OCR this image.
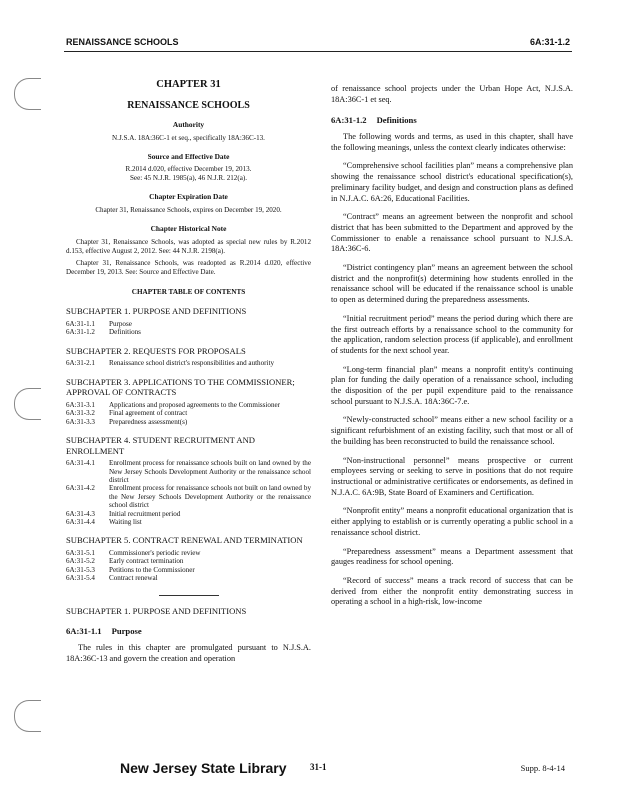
RENAISSANCE SCHOOLS	6A:31-1.2
CHAPTER 31
RENAISSANCE SCHOOLS
Authority

N.J.S.A. 18A:36C-1 et seq., specifically 18A:36C-13.

Source and Effective Date

R.2014 d.020, effective December 19, 2013.

See: 45 N.J.R. 1985(a), 46 N.J.R. 212(a).

Chapter Expiration Date

Chapter 31, Renaissance Schools, expires on December 19, 2020.

Chapter Historical Note

Chapter 31, Renaissance Schools, was adopted as special new rules by R.2012 d.153, effective August 2, 2012. See: 44 N.J.R. 2198(a).

Chapter 31, Renaissance Schools, was readopted as R.2014 d.020, effective December 19, 2013. See: Source and Effective Date.

CHAPTER TABLE OF CONTENTS
SUBCHAPTER 1. PURPOSE AND DEFINITIONS
6A:31-1.1	Purpose
6A:31-1.2	Definitions
SUBCHAPTER 2. REQUESTS FOR PROPOSALS
6A:31-2.1	Renaissance school district's responsibilities and authority
SUBCHAPTER 3. APPLICATIONS TO THE COMMISSIONER; APPROVAL OF CONTRACTS
6A:31-3.1	Applications and proposed agreements to the Commissioner
6A:31-3.2	Final agreement of contract
6A:31-3.3	Preparedness assessment(s)
SUBCHAPTER 4. STUDENT RECRUITMENT AND ENROLLMENT
6A:31-4.1	Enrollment process for renaissance schools built on land owned by the New Jersey Schools Development Authority or the renaissance school district
6A:31-4.2	Enrollment process for renaissance schools not built on land owned by the New Jersey Schools Development Authority or the renaissance school district
6A:31-4.3	Initial recruitment period
6A:31-4.4	Waiting list
SUBCHAPTER 5. CONTRACT RENEWAL AND TERMINATION
6A:31-5.1	Commissioner's periodic review
6A:31-5.2	Early contract termination
6A:31-5.3	Petitions to the Commissioner
6A:31-5.4	Contract renewal
SUBCHAPTER 1. PURPOSE AND DEFINITIONS
6A:31-1.1 Purpose

The rules in this chapter are promulgated pursuant to N.J.S.A. 18A:36C-13 and govern the creation and operation

of renaissance school projects under the Urban Hope Act, N.J.S.A. 18A:36C-1 et seq.

6A:31-1.2 Definitions

The following words and terms, as used in this chapter, shall have the following meanings, unless the context clearly indicates otherwise:

“Comprehensive school facilities plan” means a comprehensive plan showing the renaissance school district's educational specification(s), preliminary facility budget, and design and construction plans as defined in N.J.A.C. 6A:26, Educational Facilities.

“Contract” means an agreement between the nonprofit and school district that has been submitted to the Department and approved by the Commissioner to enable a renaissance school pursuant to N.J.S.A. 18A:36C-6.

“District contingency plan” means an agreement between the school district and the nonprofit(s) determining how students enrolled in the renaissance school will be educated if the renaissance school is unable to open as determined during the preparedness assessments.

“Initial recruitment period” means the period during which there are the first outreach efforts by a renaissance school to the community for the application, random selection process (if applicable), and enrollment of students for the next school year.

“Long-term financial plan” means a nonprofit entity's continuing plan for funding the daily operation of a renaissance school, including the disposition of the per pupil expenditure paid to the renaissance school pursuant to N.J.S.A. 18A:36C-7.e.

“Newly-constructed school” means either a new school facility or a significant refurbishment of an existing facility, such that most or all of the building has been reconstructed to build the renaissance school.

“Non-instructional personnel” means prospective or current employees serving or seeking to serve in positions that do not require instructional or administrative certificates or endorsements, as defined in N.J.A.C. 6A:9B, State Board of Examiners and Certification.

“Nonprofit entity” means a nonprofit educational organization that is either applying to establish or is currently operating a public school in a renaissance school district.

“Preparedness assessment” means a Department assessment that gauges readiness for school opening.

“Record of success” means a track record of success that can be derived from either the nonprofit entity demonstrating success in operating a school in a high-risk, low-income

New Jersey State Library	31-1	Supp. 8-4-14
